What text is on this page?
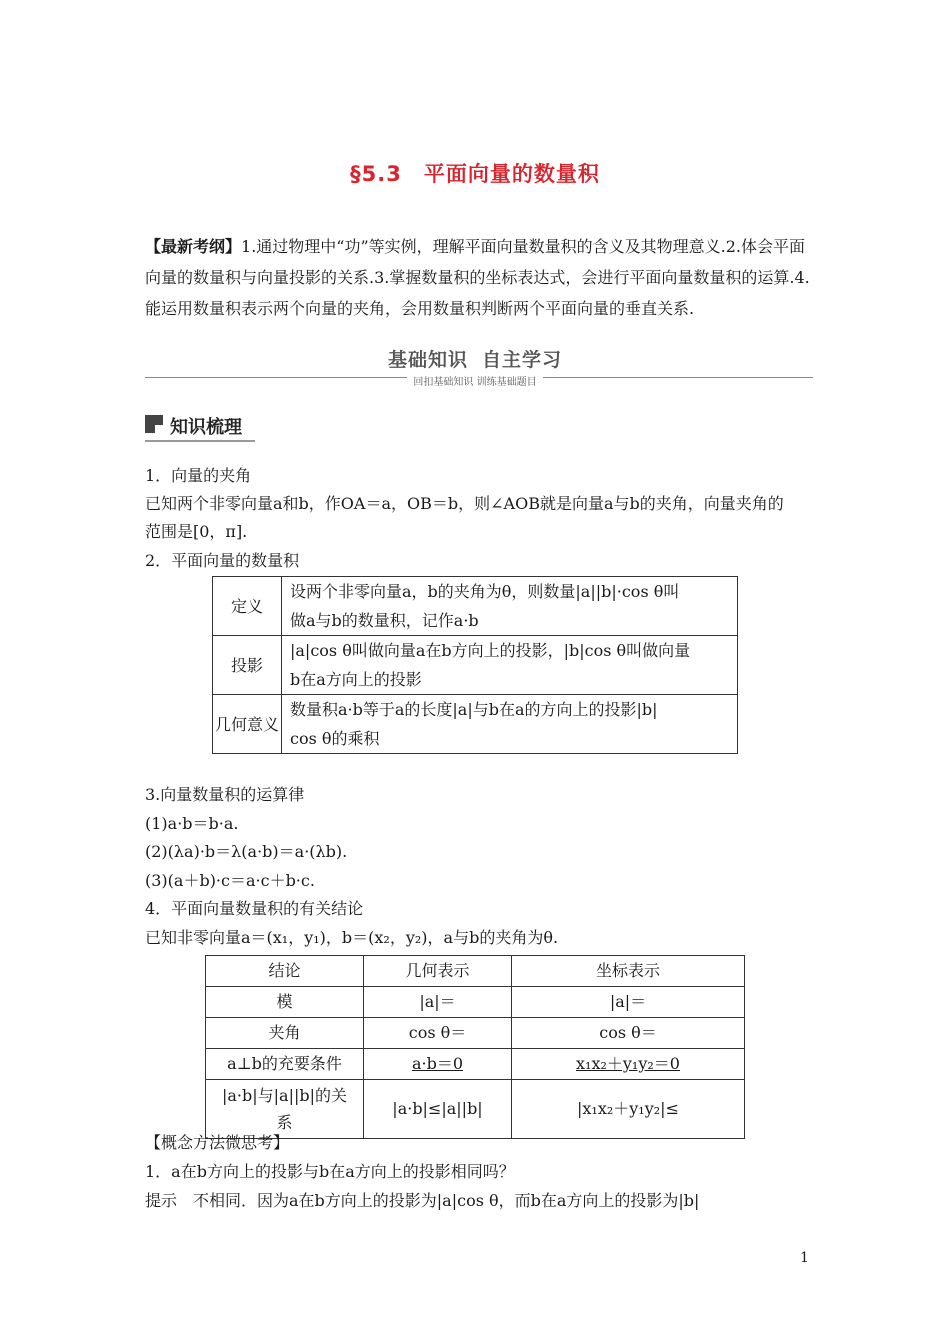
§5.3 平面向量的数量积
【最新考纲】1.通过物理中“功”等实例，理解平面向量数量积的含义及其物理意义.2.体会平面向量的数量积与向量投影的关系.3.掌握数量积的坐标表达式，会进行平面向量数量积的运算.4.能运用数量积表示两个向量的夹角，会用数量积判断两个平面向量的垂直关系.
基础知识 自主学习
回扣基础知识 训练基础题目
知识梳理
1．向量的夹角
已知两个非零向量a和b，作OA＝a，OB＝b，则∠AOB就是向量a与b的夹角，向量夹角的
范围是[0，π].
2．平面向量的数量积
定义	设两个非零向量a，b的夹角为θ，则数量|a||b|·cos θ叫
做a与b的数量积，记作a·b

投影	|a|cos θ叫做向量a在b方向上的投影，|b|cos θ叫做向量
b在a方向上的投影

几何意义	数量积a·b等于a的长度|a|与b在a的方向上的投影|b|
cos θ的乘积
3.向量数量积的运算律
(1)a·b＝b·a.
(2)(λa)·b＝λ(a·b)＝a·(λb).
(3)(a＋b)·c＝a·c＋b·c.
4．平面向量数量积的有关结论
已知非零向量a＝(x₁，y₁)，b＝(x₂，y₂)，a与b的夹角为θ.
结论	几何表示	坐标表示
模	|a|＝	|a|＝
夹角	cos θ＝	cos θ＝
a⊥b的充要条件	a·b＝0	x₁x₂＋y₁y₂＝0
|a·b|与|a||b|的关系	|a·b|≤|a||b|	|x₁x₂＋y₁y₂|≤
【概念方法微思考】
1．a在b方向上的投影与b在a方向上的投影相同吗？
提示　不相同．因为a在b方向上的投影为|a|cos θ，而b在a方向上的投影为|b|
1
